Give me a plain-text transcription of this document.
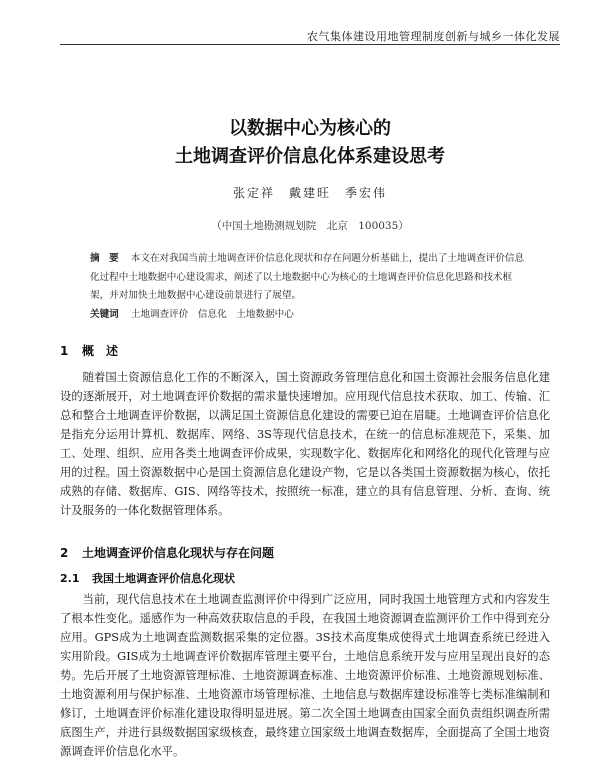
农气集体建设用地管理制度创新与城乡一体化发展
以数据中心为核心的
土地调查评价信息化体系建设思考
张定祥　戴建旺　季宏伟
（中国土地勘测规划院　北京　100035）
摘　要 本文在对我国当前土地调查评价信息化现状和存在问题分析基础上，提出了土地调查评价信息化过程中土地数据中心建设需求，阐述了以土地数据中心为核心的土地调查评价信息化思路和技术框架，并对加快土地数据中心建设前景进行了展望。
关键词 土地调查评价　信息化　土地数据中心
1 概　述
随着国土资源信息化工作的不断深入，国土资源政务管理信息化和国土资源社会服务信息化建设的逐渐展开，对土地调查评价数据的需求量快速增加。应用现代信息技术获取、加工、传输、汇总和整合土地调查评价数据，以满足国土资源信息化建设的需要已迫在眉睫。土地调查评价信息化是指充分运用计算机、数据库、网络、3S等现代信息技术，在统一的信息标准规范下，采集、加工、处理、组织、应用各类土地调查评价成果，实现数字化、数据库化和网络化的现代化管理与应用的过程。国土资源数据中心是国土资源信息化建设产物，它是以各类国土资源数据为核心，依托成熟的存储、数据库、GIS、网络等技术，按照统一标准，建立的具有信息管理、分析、查询、统计及服务的一体化数据管理体系。
2 土地调查评价信息化现状与存在问题
2.1 我国土地调查评价信息化现状
当前，现代信息技术在土地调查监测评价中得到广泛应用，同时我国土地管理方式和内容发生了根本性变化。遥感作为一种高效获取信息的手段，在我国土地资源调查监测评价工作中得到充分应用。GPS成为土地调查监测数据采集的定位器。3S技术高度集成使得式土地调查系统已经进入实用阶段。GIS成为土地调查评价数据库管理主要平台，土地信息系统开发与应用呈现出良好的态势。先后开展了土地资源管理标准、土地资源调查标准、土地资源评价标准、土地资源规划标准、土地资源利用与保护标准、土地资源市场管理标准、土地信息与数据库建设标准等七类标准编制和修订，土地调查评价标准化建设取得明显进展。第二次全国土地调查由国家全面负责组织调查所需底图生产，并进行县级数据国家级核查，最终建立国家级土地调查数据库，全面提高了全国土地资源调查评价信息化水平。
